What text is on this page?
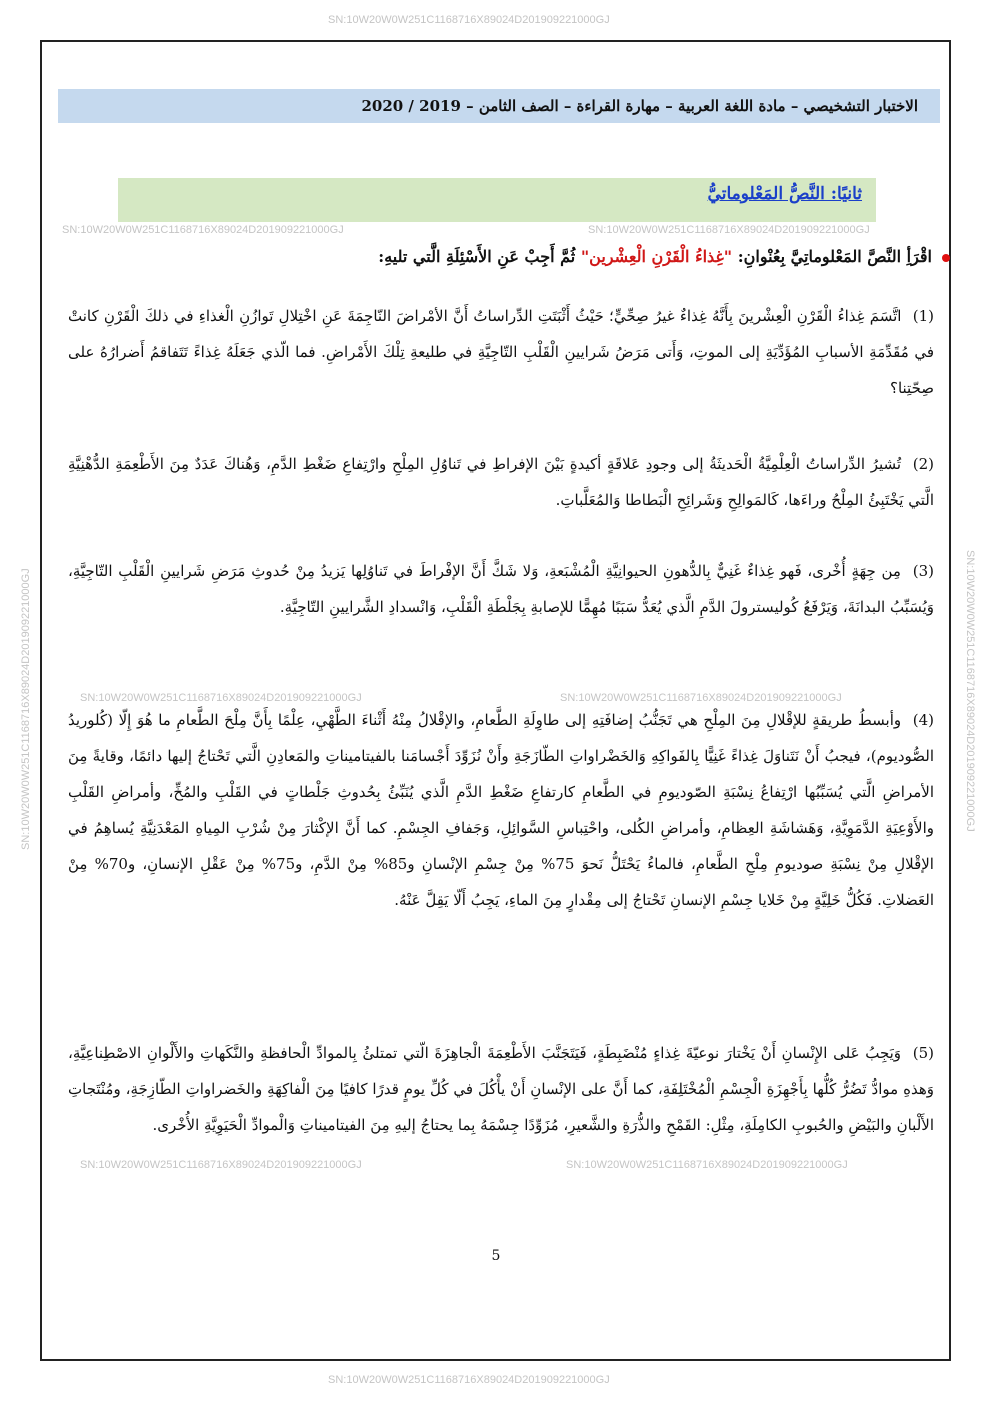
SN:10W20W0W251C1168716X89024D201909221000GJ
SN:10W20W0W251C1168716X89024D201909221000GJ	SN:10W20W0W251C1168716X89024D201909221000GJ
SN:10W20W0W251C1168716X89024D201909221000GJ	SN:10W20W0W251C1168716X89024D201909221000GJ
SN:10W20W0W251C1168716X89024D201909221000GJ	SN:10W20W0W251C1168716X89024D201909221000GJ
SN:10W20W0W251C1168716X89024D201909221000GJ
SN:10W20W0W251C1168716X89024D201909221000GJ	SN:10W20W0W251C1168716X89024D201909221000GJ
الاختبار التشخيصي – مادة اللغة العربية – مهارة القراءة – الصف الثامن – 2019 / 2020
ثانيًا: النَّصُّ المَعْلوماتيُّ
اقْرَأِ النَّصَّ المَعْلوماتِيَّ بِعُنْوانِ: "غِذاءُ الْقَرْنِ الْعِشْرين" ثُمَّ أَجِبْ عَنِ الأَسْئِلَةِ الَّتي تليهِ:
(1) اتَّسَمَ غِذاءُ الْقَرْنِ الْعِشْرينَ بِأَنَّهُ غِذاءٌ غيرُ صِحِّيٍّ؛ حَيْثُ أَثْبَتَتِ الدِّراساتُ أَنَّ الأمْراضَ النّاجِمَةَ عَنِ اخْتِلالِ تَوازُنِ الْغذاءِ في ذلكَ الْقَرْنِ كانتْ في مُقَدِّمَةِ الأسبابِ المُؤَدِّيَةِ إلى الموتِ، وَأَتى مَرَضُ شَرايينِ الْقَلْبِ التّاجِيَّةِ في طليعةِ تِلْكَ الأَمْراضِ. فما الّذي جَعَلَهُ غِذاءً تَتَفاقمُ أَضرارُهُ على صِحّتِنا؟
(2) تُشيرُ الدِّراساتُ الْعِلْمِيَّةُ الْحَديثَةُ إلى وجودِ عَلاقَةٍ أكيدةٍ بَيْنَ الإفراطِ في تَناوُلِ المِلْحِ وارْتِفاعِ ضَغْطِ الدَّمِ، وَهُناكَ عَدَدٌ مِنَ الأَطْعِمَةِ الدُّهْنِيَّةِ الَّتي يَخْتَبِئُ المِلْحُ وراءَها، كَالمَوالِحِ وَشَرائِحِ الْبَطاطا وَالمُعَلَّباتِ.
(3) مِن جِهَةٍ أُخْرى، فَهو غِذاءٌ غَنِيٌّ بِالدُّهونِ الحيوانِيَّةِ الْمُشْبَعةِ، وَلا شَكَّ أَنَّ الإفْراطَ في تَناوُلِها يَزيدُ مِنْ حُدوثِ مَرَضِ شَرايينِ الْقَلْبِ التّاجِيَّةِ، وَيُسَبِّبُ البدانَةَ، وَيَرْفَعُ كُوليسترولَ الدَّمِ الَّذي يُعَدُّ سَبَبًا مُهِمًّا للإصابةِ بِجَلْطَةِ الْقَلْبِ، وَانْسدادِ الشَّرايينِ التّاجِيَّةِ.
(4) وأبسطُ طريقةٍ للإقْلالِ مِنَ المِلْحِ هي تَجَنُّبُ إضافَتِهِ إلى طاوِلَةِ الطَّعامِ، والإقْلالُ مِنْهُ أَثْناءَ الطَّهْيِ، عِلْمًا بِأَنَّ مِلْحَ الطَّعامِ ما هُوَ إِلّا (كُلوريدُ الصُّوديوم)، فيجبُ أَنْ نَتَناوَلَ غِذاءً غَنِيًّا بِالفَواكِهِ وَالخَضْراواتِ الطّازَجَةِ وأَنْ نُزَوِّدَ أَجْسامَنا بالفيتاميناتِ والمَعادِنِ الَّتي تَحْتاجُ إليها دائمًا، وقايةً مِنَ الأمراضِ الَّتي يُسَبِّبُها ارْتِفاعُ نِسْبَةِ الصّوديومِ في الطَّعامِ كارتفاعِ ضَغْطِ الدَّمِ الَّذي يُنَبِّئُ بِحُدوثِ جَلْطاتٍ في القَلْبِ والمُخِّ، وأمراضِ القَلْبِ والأَوْعِيَةِ الدَّمَوِيَّةِ، وَهَشاشَةِ العِظامِ، وأمراضِ الكُلى، واحْتِباسِ السَّوائِلِ، وَجَفافِ الجِسْمِ. كما أَنَّ الإكْثارَ مِنْ شُرْبِ المِياهِ المَعْدَنِيَّةِ يُساهِمُ في الإقْلالِ مِنْ نِسْبَةِ صوديومِ مِلْحِ الطَّعامِ، فالماءُ يَحْتَلُّ نَحوَ 75% مِنْ جِسْمِ الإنْسانِ و85% مِنْ الدَّمِ، و75% مِنْ عَقْلِ الإنسانِ، و70% مِنْ العَضلاتِ. فَكُلُّ خَلِيَّةٍ مِنْ خَلايا جِسْمِ الإنسانِ تَحْتاجُ إلى مِقْدارٍ مِنَ الماءِ، يَجِبُ أَلّا يَقِلَّ عَنْهُ.
(5) وَيَجِبُ عَلى الإِنْسانِ أَنْ يَخْتارَ نوعيّةَ غِذاءٍ مُنْضَبِطَةٍ، فَيَتَجَنَّبَ الأَطْعِمَةَ الْجاهِزَةَ الّتي تمتلئُ بِالموادِّ الْحافظةِ والنَّكَهاتِ والأَلْوانِ الاصْطِناعِيَّةِ، وَهذهِ موادُّ تَضُرُّ كُلُّها بِأَجْهِزَةِ الْجِسْمِ الْمُخْتَلِفَةِ، كما أَنَّ على الإنْسانِ أَنْ يأْكُلَ في كُلِّ يومٍ قدرًا كافيًا مِنَ الْفاكِهَةِ والخَضراواتِ الطّازِجَةِ، ومُنْتَجاتِ الأَلْبانِ والبَيْضِ والحُبوبِ الكامِلَةِ، مِثْلِ: القَمْحِ والذُّرَةِ والشَّعيرِ، مُزَوِّدًا جِسْمَهُ بِما يحتاجُ إليهِ مِنَ الفيتاميناتِ وَالْموادِّ الْحَيَوِيَّةِ الأُخْرى.
5
